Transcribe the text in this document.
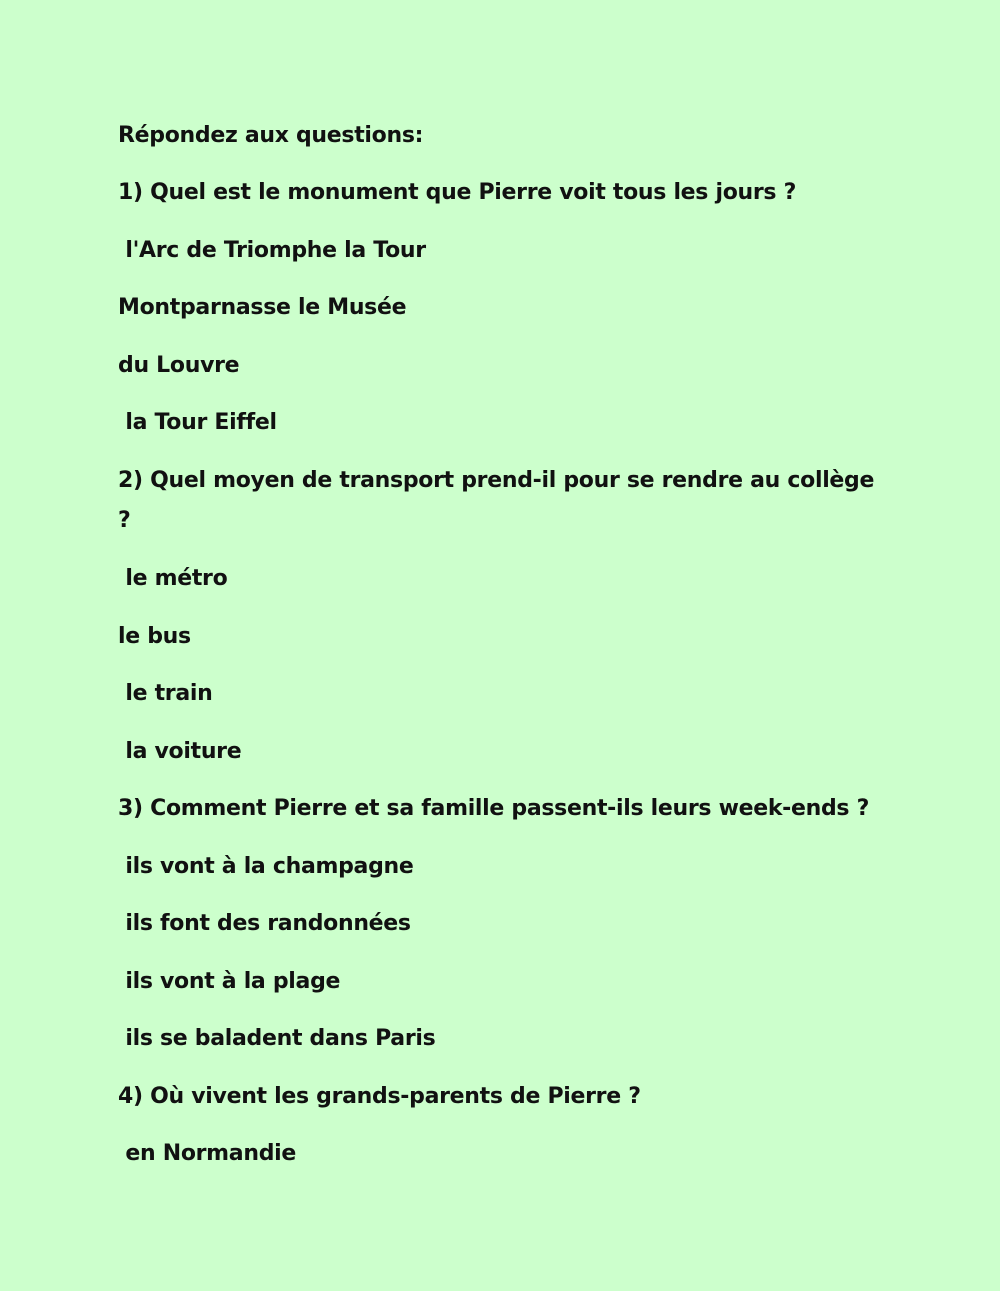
Répondez aux questions:
1) Quel est le monument que Pierre voit tous les jours ?
l'Arc de Triomphe la Tour
Montparnasse le Musée
du Louvre
la Tour Eiffel
2) Quel moyen de transport prend-il pour se rendre au collège
?
le métro
le bus
le train
la voiture
3) Comment Pierre et sa famille passent-ils leurs week-ends ?
ils vont à la champagne
ils font des randonnées
ils vont à la plage
ils se baladent dans Paris
4) Où vivent les grands-parents de Pierre ?
en Normandie
